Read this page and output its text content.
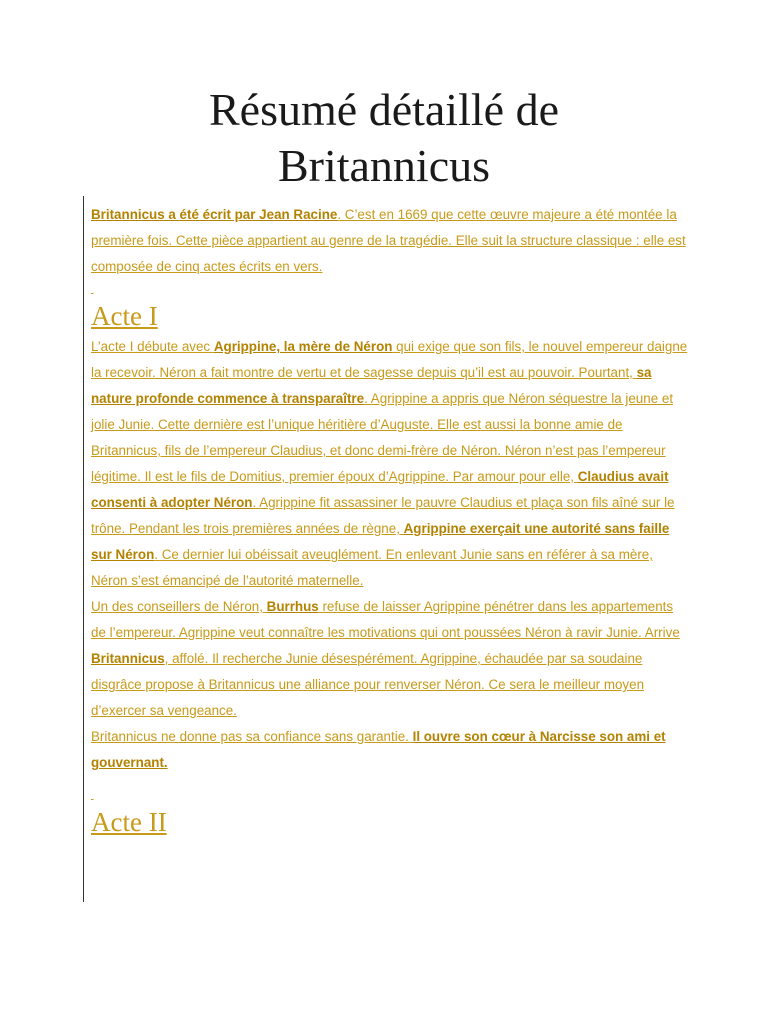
Résumé détaillé de
Britannicus

Britannicus a été écrit par Jean Racine. C’est en 1669 que cette œuvre majeure a été montée la première fois. Cette pièce appartient au genre de la tragédie. Elle suit la structure classique : elle est composée de cinq actes écrits en vers.

Acte I

L’acte I débute avec Agrippine, la mère de Néron qui exige que son fils, le nouvel empereur daigne la recevoir. Néron a fait montre de vertu et de sagesse depuis qu’il est au pouvoir. Pourtant, sa nature profonde commence à transparaître. Agrippine a appris que Néron séquestre la jeune et jolie Junie. Cette dernière est l’unique héritière d’Auguste. Elle est aussi la bonne amie de Britannicus, fils de l’empereur Claudius, et donc demi-frère de Néron. Néron n’est pas l’empereur légitime. Il est le fils de Domitius, premier époux d’Agrippine. Par amour pour elle, Claudius avait consenti à adopter Néron. Agrippine fit assassiner le pauvre Claudius et plaça son fils aîné sur le trône. Pendant les trois premières années de règne, Agrippine exerçait une autorité sans faille sur Néron. Ce dernier lui obéissait aveuglément. En enlevant Junie sans en référer à sa mère, Néron s’est émancipé de l’autorité maternelle.

Un des conseillers de Néron, Burrhus refuse de laisser Agrippine pénétrer dans les appartements de l’empereur. Agrippine veut connaître les motivations qui ont poussées Néron à ravir Junie. Arrive Britannicus, affolé. Il recherche Junie désespérément. Agrippine, échaudée par sa soudaine disgrâce propose à Britannicus une alliance pour renverser Néron. Ce sera le meilleur moyen d’exercer sa vengeance.

Britannicus ne donne pas sa confiance sans garantie. Il ouvre son cœur à Narcisse son ami et gouvernant.

Acte II
